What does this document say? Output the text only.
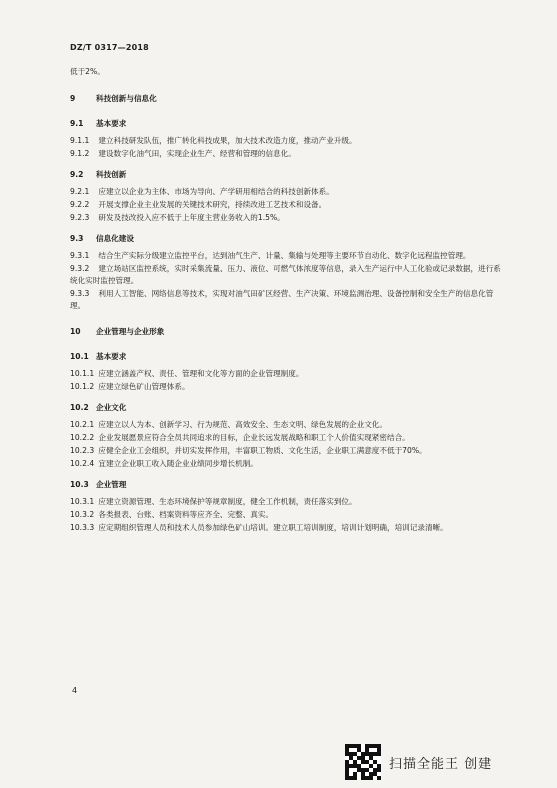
DZ/T 0317—2018

低于2%。

9	科技创新与信息化

9.1 基本要求

9.1.1 建立科技研发队伍，推广转化科技成果，加大技术改造力度，推动产业升级。

9.1.2 建设数字化油气田，实现企业生产、经营和管理的信息化。

9.2 科技创新

9.2.1 应建立以企业为主体、市场为导向、产学研用相结合的科技创新体系。

9.2.2 开展支撑企业主业发展的关键技术研究，持续改进工艺技术和设备。

9.2.3 研发及技改投入应不低于上年度主营业务收入的1.5%。

9.3 信息化建设

9.3.1 结合生产实际分级建立监控平台，达到油气生产、计量、集输与处理等主要环节自动化、数字化远程监控管理。

9.3.2 建立场站区监控系统，实时采集流量、压力、液位、可燃气体浓度等信息，录入生产运行中人工化验或记录数据，进行系统化实时监控管理。

9.3.3 利用人工智能、网络信息等技术，实现对油气田矿区经营、生产决策、环境监测治理、设备控制和安全生产的信息化管理。

10 企业管理与企业形象

10.1 基本要求

10.1.1 应建立涵盖产权、责任、管理和文化等方面的企业管理制度。

10.1.2 应建立绿色矿山管理体系。

10.2 企业文化

10.2.1 应建立以人为本、创新学习、行为规范、高效安全、生态文明、绿色发展的企业文化。

10.2.2 企业发展愿景应符合全员共同追求的目标，企业长远发展战略和职工个人价值实现紧密结合。

10.2.3 应健全企业工会组织，并切实发挥作用，丰富职工物质、文化生活，企业职工满意度不低于70%。

10.2.4 宜建立企业职工收入随企业业绩同步增长机制。

10.3 企业管理

10.3.1 应建立资源管理、生态环境保护等规章制度，健全工作机制，责任落实到位。

10.3.2 各类报表、台账、档案资料等应齐全、完整、真实。

10.3.3 应定期组织管理人员和技术人员参加绿色矿山培训。建立职工培训制度，培训计划明确，培训记录清晰。

4
扫描全能王 创建
